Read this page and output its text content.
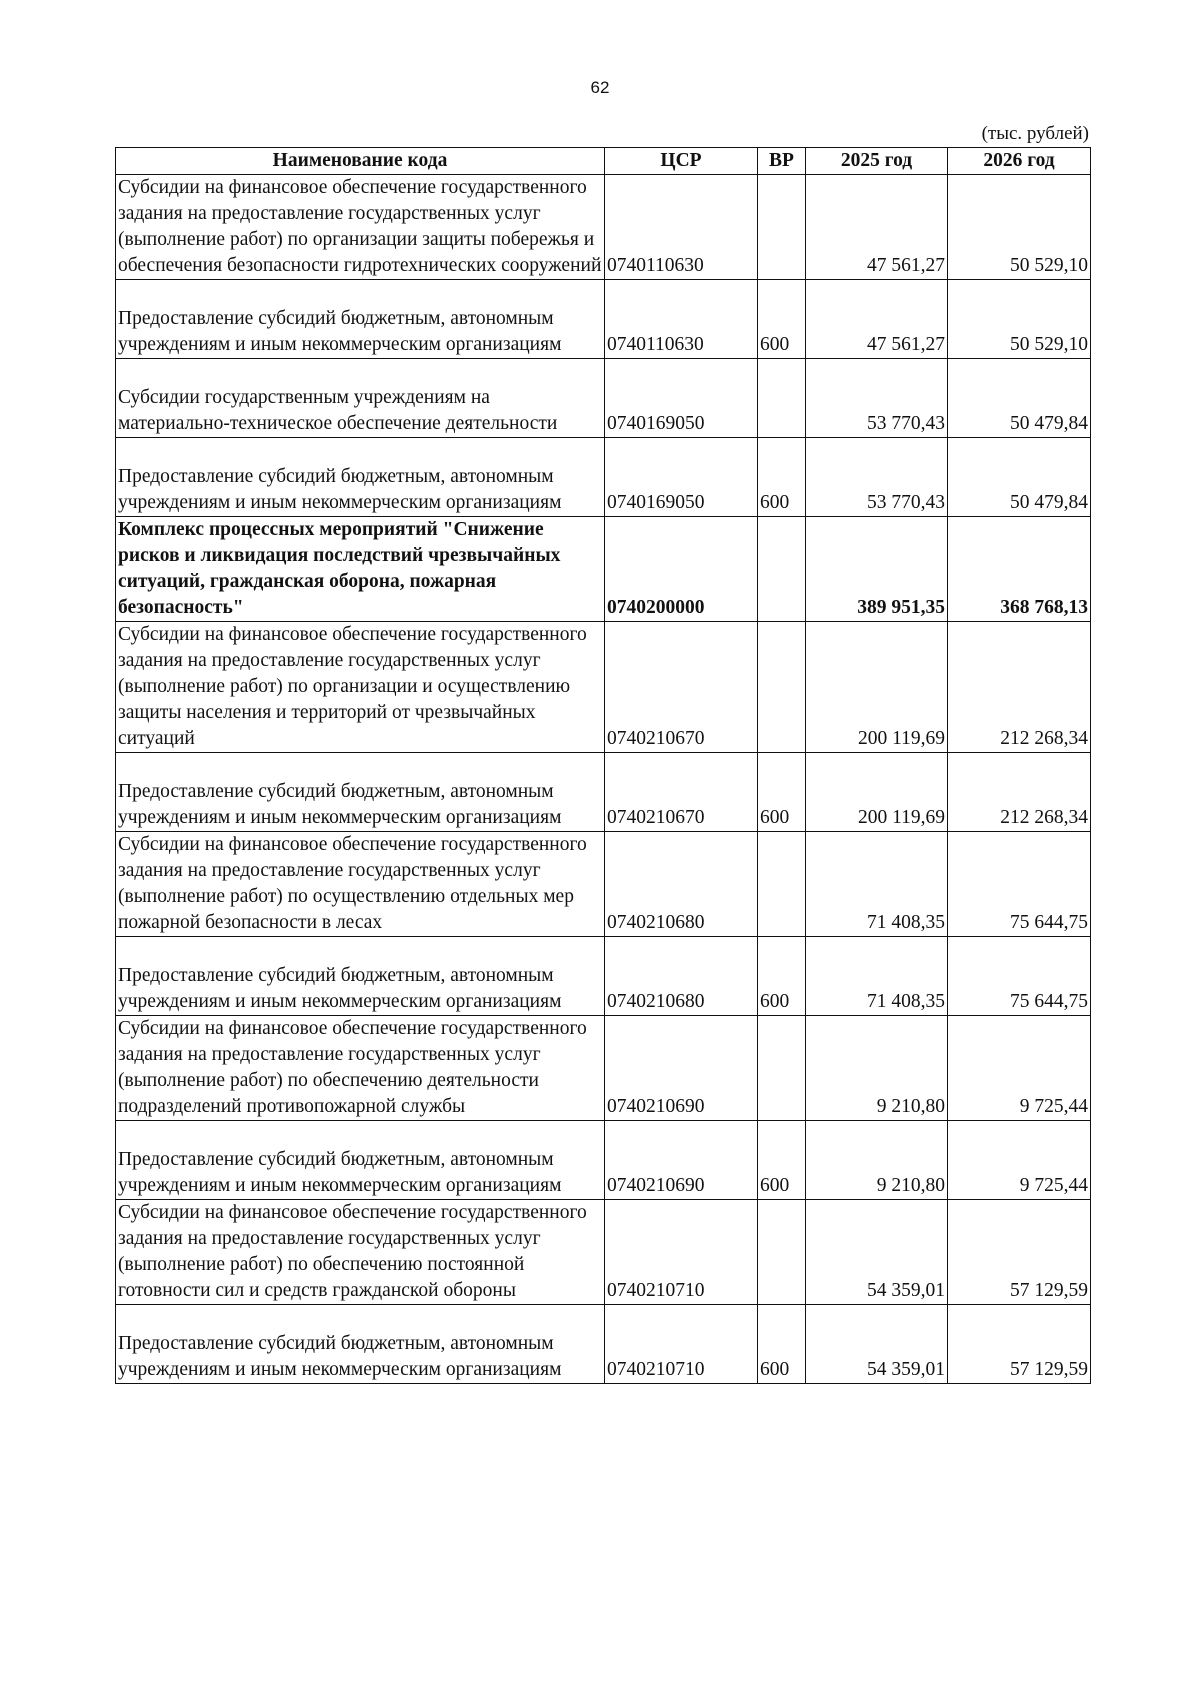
62
(тыс. рублей)
Наименование кода	ЦСР	ВР	2025 год	2026 год
Субсидии на финансовое обеспечение государственного задания на предоставление государственных услуг (выполнение работ) по организации защиты побережья и обеспечения безопасности гидротехнических сооружений	0740110630		47 561,27	50 529,10
Предоставление субсидий бюджетным, автономным учреждениям и иным некоммерческим организациям	0740110630	600	47 561,27	50 529,10
Субсидии государственным учреждениям на материально-техническое обеспечение деятельности	0740169050		53 770,43	50 479,84
Предоставление субсидий бюджетным, автономным учреждениям и иным некоммерческим организациям	0740169050	600	53 770,43	50 479,84
Комплекс процессных мероприятий "Снижение рисков и ликвидация последствий чрезвычайных ситуаций, гражданская оборона, пожарная безопасность"	0740200000		389 951,35	368 768,13
Субсидии на финансовое обеспечение государственного задания на предоставление государственных услуг (выполнение работ) по организации и осуществлению защиты населения и территорий от чрезвычайных ситуаций	0740210670		200 119,69	212 268,34
Предоставление субсидий бюджетным, автономным учреждениям и иным некоммерческим организациям	0740210670	600	200 119,69	212 268,34
Субсидии на финансовое обеспечение государственного задания на предоставление государственных услуг (выполнение работ) по осуществлению отдельных мер пожарной безопасности в лесах	0740210680		71 408,35	75 644,75
Предоставление субсидий бюджетным, автономным учреждениям и иным некоммерческим организациям	0740210680	600	71 408,35	75 644,75
Субсидии на финансовое обеспечение государственного задания на предоставление государственных услуг (выполнение работ) по обеспечению деятельности подразделений противопожарной службы	0740210690		9 210,80	9 725,44
Предоставление субсидий бюджетным, автономным учреждениям и иным некоммерческим организациям	0740210690	600	9 210,80	9 725,44
Субсидии на финансовое обеспечение государственного задания на предоставление государственных услуг (выполнение работ) по обеспечению постоянной готовности сил и средств гражданской обороны	0740210710		54 359,01	57 129,59
Предоставление субсидий бюджетным, автономным учреждениям и иным некоммерческим организациям	0740210710	600	54 359,01	57 129,59
